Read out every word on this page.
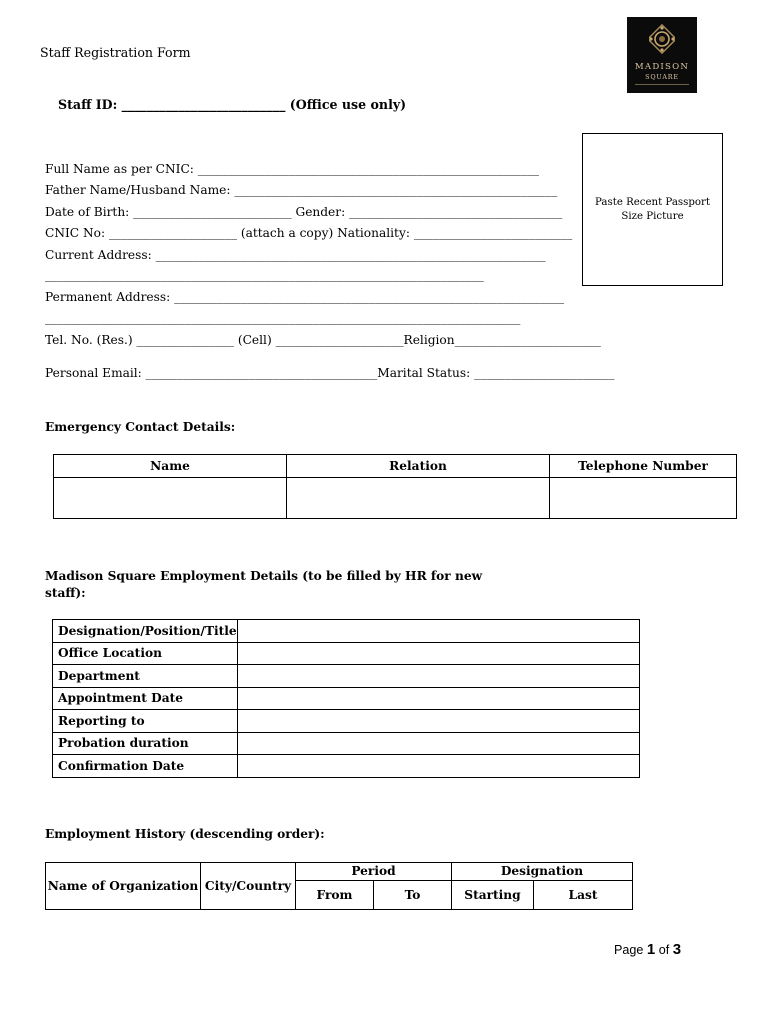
Staff Registration Form
MADISON
SQUARE
Staff ID: __________________________ (Office use only)
Paste Recent Passport Size Picture
Full Name as per CNIC: ________________________________________________________
Father Name/Husband Name: _____________________________________________________
Date of Birth: __________________________ Gender: ___________________________________
CNIC No: _____________________ (attach a copy) Nationality: __________________________
Current Address: ________________________________________________________________
________________________________________________________________________
Permanent Address: ________________________________________________________________
______________________________________________________________________________
Tel. No. (Res.) ________________ (Cell) _____________________Religion________________________
Personal Email: ______________________________________Marital Status: _______________________
Emergency Contact Details:
Name	Relation	Telephone Number

Madison Square Employment Details (to be filled by HR for new
staff):
Designation/Position/Title	
Office Location	
Department	
Appointment Date	
Reporting to	
Probation duration	
Confirmation Date	
Employment History (descending order):
Name of Organization	City/Country	Period		Designation	
		From	To	Starting	Last
Page 1 of 3
